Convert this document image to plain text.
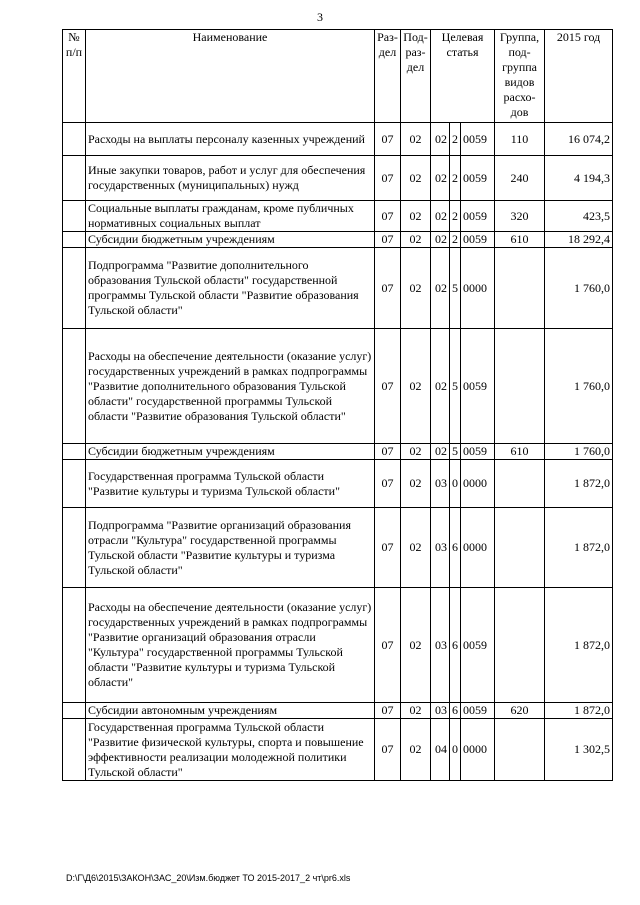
3
№ п/п	Наименование	Раз- дел	Под- раз- дел	Целевая статья			Группа, под- группа видов расхо- дов	2015 год
	Расходы на выплаты персоналу казенных учреждений	07	02	02	2	0059	110	16 074,2
	Иные закупки товаров, работ и услуг для обеспечения государственных (муниципальных) нужд	07	02	02	2	0059	240	4 194,3
	Социальные выплаты гражданам, кроме публичных нормативных социальных выплат	07	02	02	2	0059	320	423,5
	Субсидии бюджетным учреждениям	07	02	02	2	0059	610	18 292,4
	Подпрограмма "Развитие дополнительного образования Тульской области" государственной программы Тульской области "Развитие образования Тульской области"	07	02	02	5	0000		1 760,0
	Расходы на обеспечение деятельности (оказание услуг) государственных учреждений в рамках подпрограммы "Развитие дополнительного образования Тульской области" государственной программы Тульской области "Развитие образования Тульской области"	07	02	02	5	0059		1 760,0
	Субсидии бюджетным учреждениям	07	02	02	5	0059	610	1 760,0
	Государственная программа Тульской области "Развитие культуры и туризма Тульской области"	07	02	03	0	0000		1 872,0
	Подпрограмма "Развитие организаций образования отрасли "Культура" государственной программы Тульской области "Развитие культуры и туризма Тульской области"	07	02	03	6	0000		1 872,0
	Расходы на обеспечение деятельности (оказание услуг) государственных учреждений в рамках подпрограммы "Развитие организаций образования отрасли "Культура" государственной программы Тульской области "Развитие культуры и туризма Тульской области"	07	02	03	6	0059		1 872,0
	Субсидии автономным учреждениям	07	02	03	6	0059	620	1 872,0
	Государственная программа Тульской области "Развитие физической культуры, спорта и повышение эффективности реализации молодежной политики Тульской области"	07	02	04	0	0000		1 302,5
D:\Г\Д6\2015\ЗАКОН\ЗАС_20\Изм.бюджет ТО 2015-2017_2 чт\pr6.xls
